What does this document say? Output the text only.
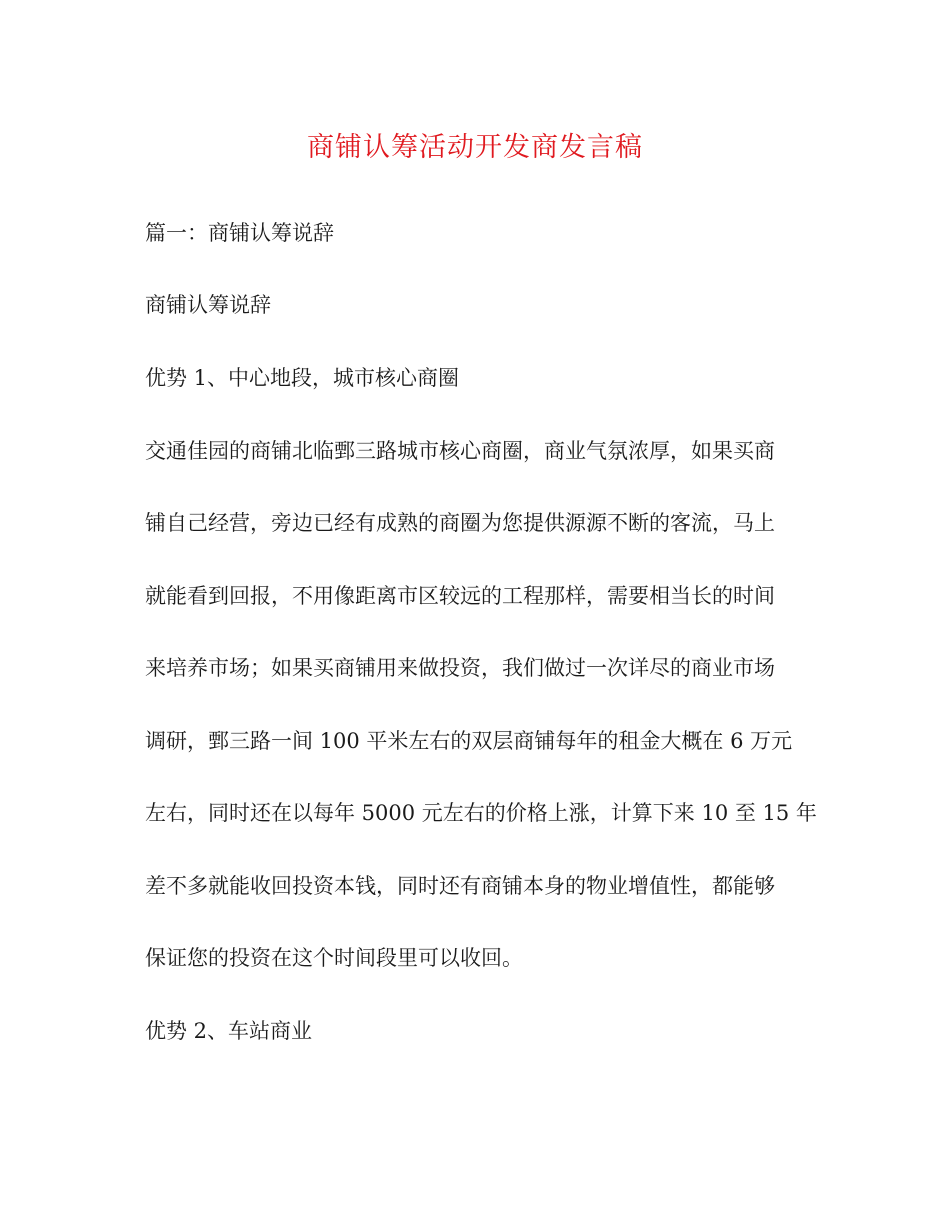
商铺认筹活动开发商发言稿
篇一：商铺认筹说辞
商铺认筹说辞
优势 1、中心地段，城市核心商圈
交通佳园的商铺北临鄄三路城市核心商圈，商业气氛浓厚，如果买商
铺自己经营，旁边已经有成熟的商圈为您提供源源不断的客流，马上
就能看到回报，不用像距离市区较远的工程那样，需要相当长的时间
来培养市场；如果买商铺用来做投资，我们做过一次详尽的商业市场
调研，鄄三路一间 100 平米左右的双层商铺每年的租金大概在 6 万元
左右，同时还在以每年 5000 元左右的价格上涨，计算下来 10 至 15 年
差不多就能收回投资本钱，同时还有商铺本身的物业增值性，都能够
保证您的投资在这个时间段里可以收回。
优势 2、车站商业
